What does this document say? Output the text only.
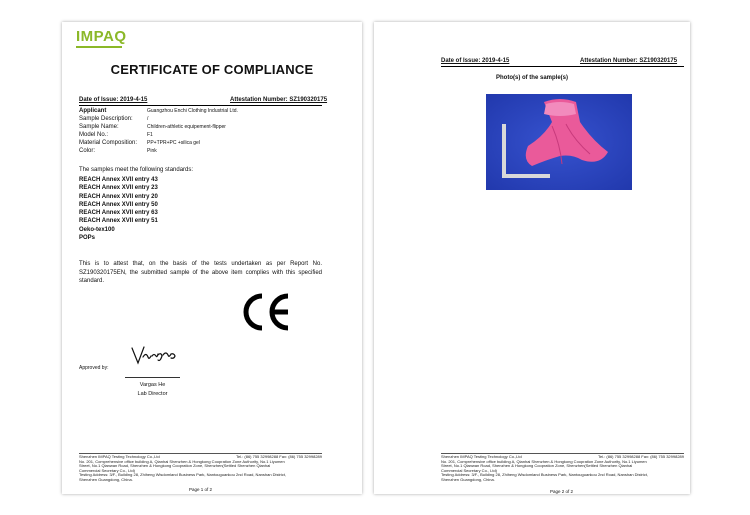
IMPAQ
CERTIFICATE OF COMPLIANCE
Date of Issue: 2019-4-15	Attestation Number: SZ190320175
Applicant	Guangzhou Enchi Clothing Industrial Ltd.
Sample Description:	/
Sample Name:	Children-athletic equipement-flipper
Model No.:	F1
Material Composition: PP+TPR+PC +silica gel
Color:	Pink
The samples meet the following standards:
REACH Annex XVII entry 43
REACH Annex XVII entry 23
REACH Annex XVII entry 20
REACH Annex XVII entry 50
REACH Annex XVII entry 63
REACH Annex XVII entry 51
Oeko-tex100
POPs
This is to attest that, on the basis of the tests undertaken as per Report No. SZ190320175EN, the submitted sample of the above item complies with this specified standard.
Approved by:
Vargas He
Lab Director
Shenzhen IMPAQ Testing Technology Co.,Ltd	Tel.: (86) 755 32998288 Fax: (86) 755 32998289
No. 201, Comprehensive office building A, Qianhai Shenzhen & Hongkong Coopration Zone Authority, No.1 Liyumen
Street, No.1 Qianwan Road, Shenzhen & Hongkong Coopration Zone, Shenzhen(Settled Shenzhen Qianhai
Commercial Secretary Co., Ltd)
Testing Address: 3/F., Building 28, Zhiheng Wisdomland Business Park, Nantouguankou 2nd Road, Nanshan District,
Shenzhen Guangdong, China.
Page 1 of 2
Date of Issue: 2019-4-15	Attestation Number: SZ190320175
Photo(s) of the sample(s)
Shenzhen IMPAQ Testing Technology Co.,Ltd	Tel.: (86) 755 32998288 Fax: (86) 755 32998289
No. 201, Comprehensive office building A, Qianhai Shenzhen & Hongkong Coopration Zone Authority, No.1 Liyumen
Street, No.1 Qianwan Road, Shenzhen & Hongkong Coopration Zone, Shenzhen(Settled Shenzhen Qianhai
Commercial Secretary Co., Ltd)
Testing Address: 3/F., Building 28, Zhiheng Wisdomland Business Park, Nantouguankou 2nd Road, Nanshan District,
Shenzhen Guangdong, China.
Page 2 of 2
